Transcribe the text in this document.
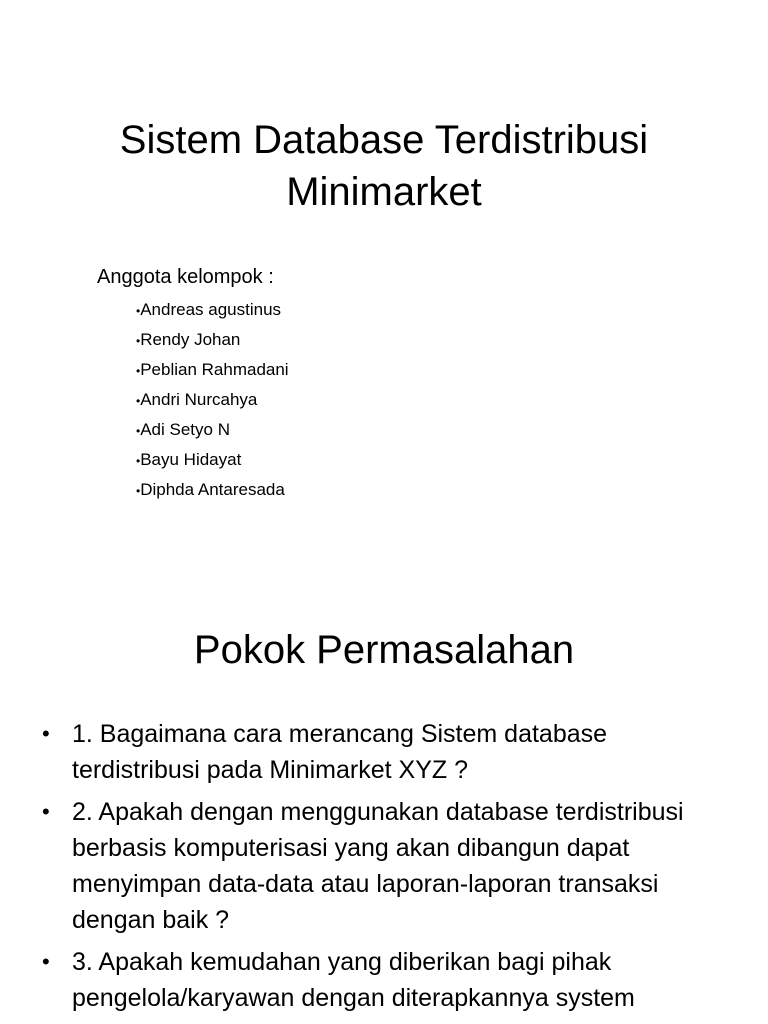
Sistem Database Terdistribusi
Minimarket

Anggota kelompok :

• Andreas agustinus
• Rendy Johan
• Peblian Rahmadani
• Andri Nurcahya
• Adi Setyo N
• Bayu Hidayat
• Diphda Antaresada
Pokok Permasalahan
• 1. Bagaimana cara merancang Sistem database terdistribusi pada Minimarket XYZ ?
• 2. Apakah dengan menggunakan database terdistribusi berbasis komputerisasi yang akan dibangun dapat menyimpan data-data atau laporan-laporan transaksi dengan baik ?
• 3. Apakah kemudahan yang diberikan bagi pihak pengelola/karyawan dengan diterapkannya system
